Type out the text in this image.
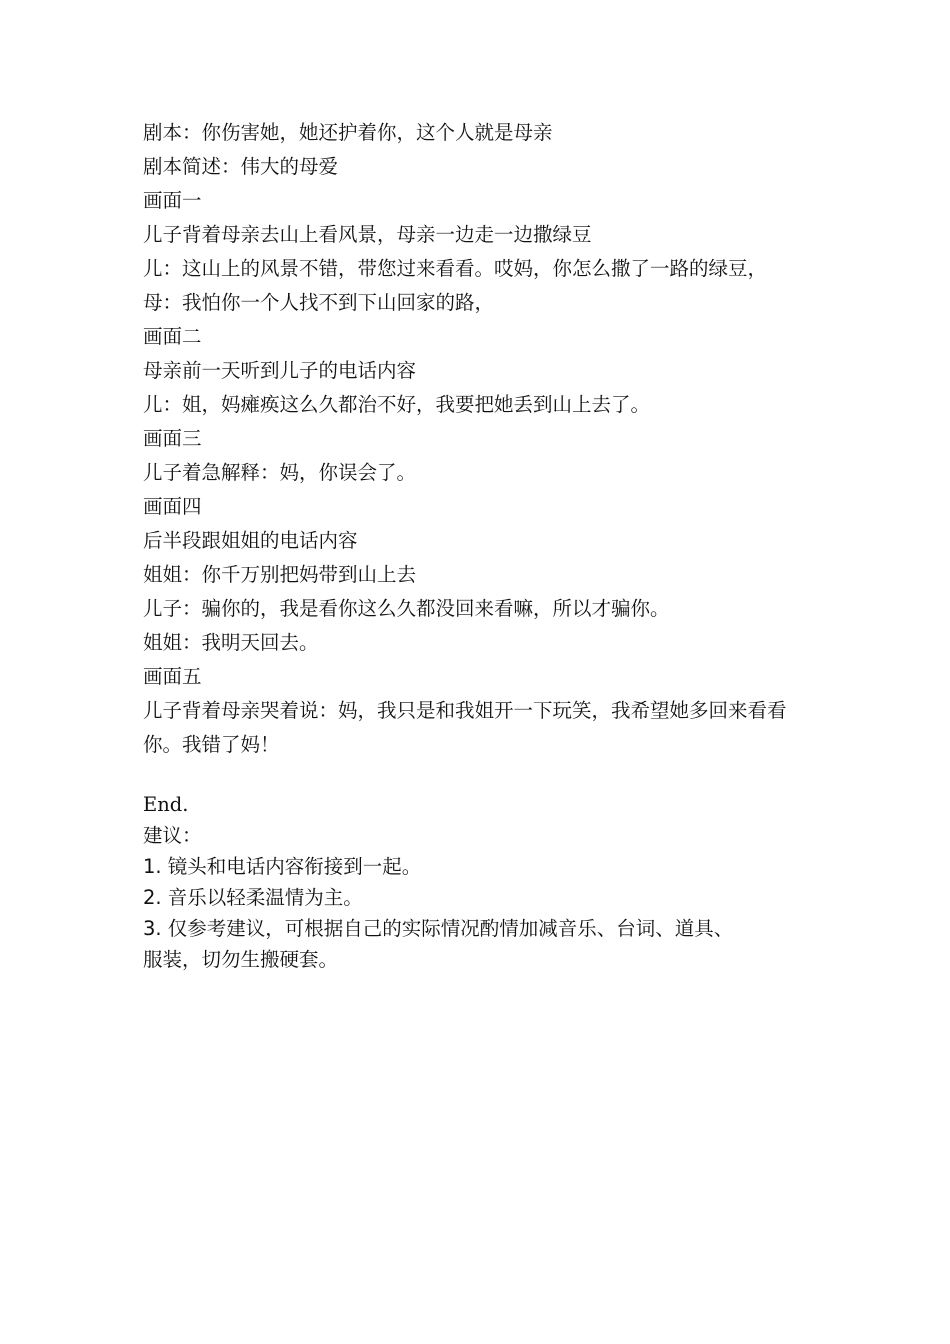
剧本：你伤害她，她还护着你，这个人就是母亲

剧本简述：伟大的母爱

画面一

儿子背着母亲去山上看风景，母亲一边走一边撒绿豆

儿：这山上的风景不错，带您过来看看。哎妈，你怎么撒了一路的绿豆，

母：我怕你一个人找不到下山回家的路，

画面二

母亲前一天听到儿子的电话内容

儿：姐，妈瘫痪这么久都治不好，我要把她丢到山上去了。

画面三

儿子着急解释：妈，你误会了。

画面四

后半段跟姐姐的电话内容

姐姐：你千万别把妈带到山上去

儿子：骗你的，我是看你这么久都没回来看嘛，所以才骗你。

姐姐：我明天回去。

画面五

儿子背着母亲哭着说：妈，我只是和我姐开一下玩笑，我希望她多回来看看你。我错了妈！

End.

建议：

1. 镜头和电话内容衔接到一起。

2. 音乐以轻柔温情为主。

3. 仅参考建议，可根据自己的实际情况酌情加减音乐、台词、道具、服装，切勿生搬硬套。
